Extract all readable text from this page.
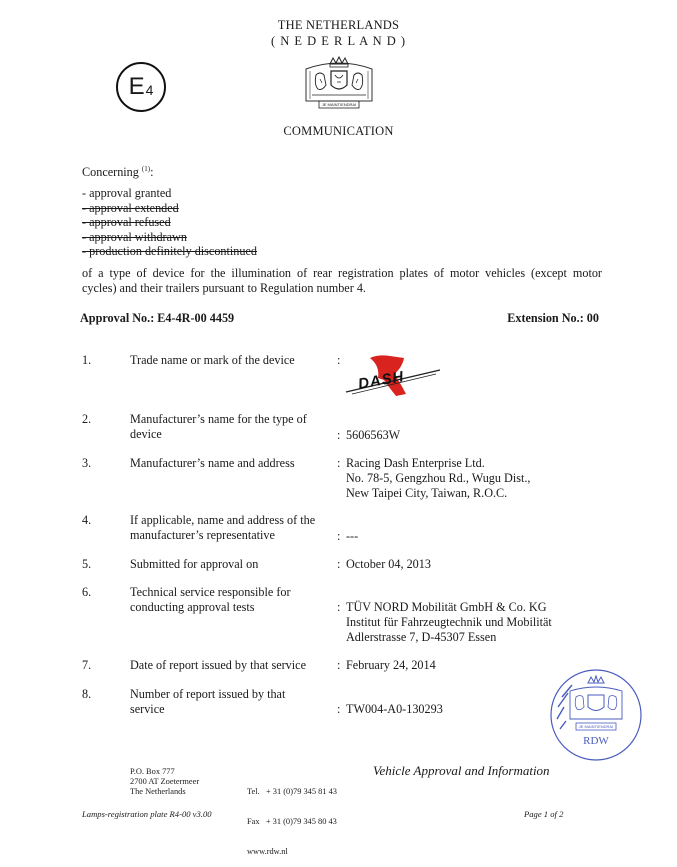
THE NETHERLANDS
( N E D E R L A N D )
E 4
JE MAINTIENDRAI
COMMUNICATION
Concerning $^{(1)}$:
- approval granted
- approval extended
- approval refused
- approval withdrawn
- production definitely discontinued
of a type of device for the illumination of rear registration plates of motor vehicles (except motor
cycles) and their trailers pursuant to Regulation number 4.
Approval No.: E4-4R-00 4459	Extension No.: 00
1.	Trade name or mark of the device	:
DASH
2.	Manufacturer’s name for the type of device	: 5606563W
3.	Manufacturer’s name and address	: Racing Dash Enterprise Ltd.
No. 78-5, Gengzhou Rd., Wugu Dist.,
New Taipei City, Taiwan, R.O.C.
4.	If applicable, name and address of the manufacturer’s representative	: ---
5.	Submitted for approval on	: October 04, 2013
6.	Technical service responsible for conducting approval tests	: TÜV NORD Mobilität GmbH & Co. KG
Institut für Fahrzeugtechnik und Mobilität
Adlerstrasse 7, D-45307 Essen
7.	Date of report issued by that service	: February 24, 2014
8.	Number of report issued by that service	: TW004-A0-130293
JE MAINTIENDRAI
RDW
P.O. Box 777
2700 AT Zoetermeer
The Netherlands

	Tel.   + 31 (0)79 345 81 43

Fax   + 31 (0)79 345 80 43

www.rdw.nl

Vehicle Approval and Information
Lamps-registration plate R4-00 v3.00	Page 1 of 2
